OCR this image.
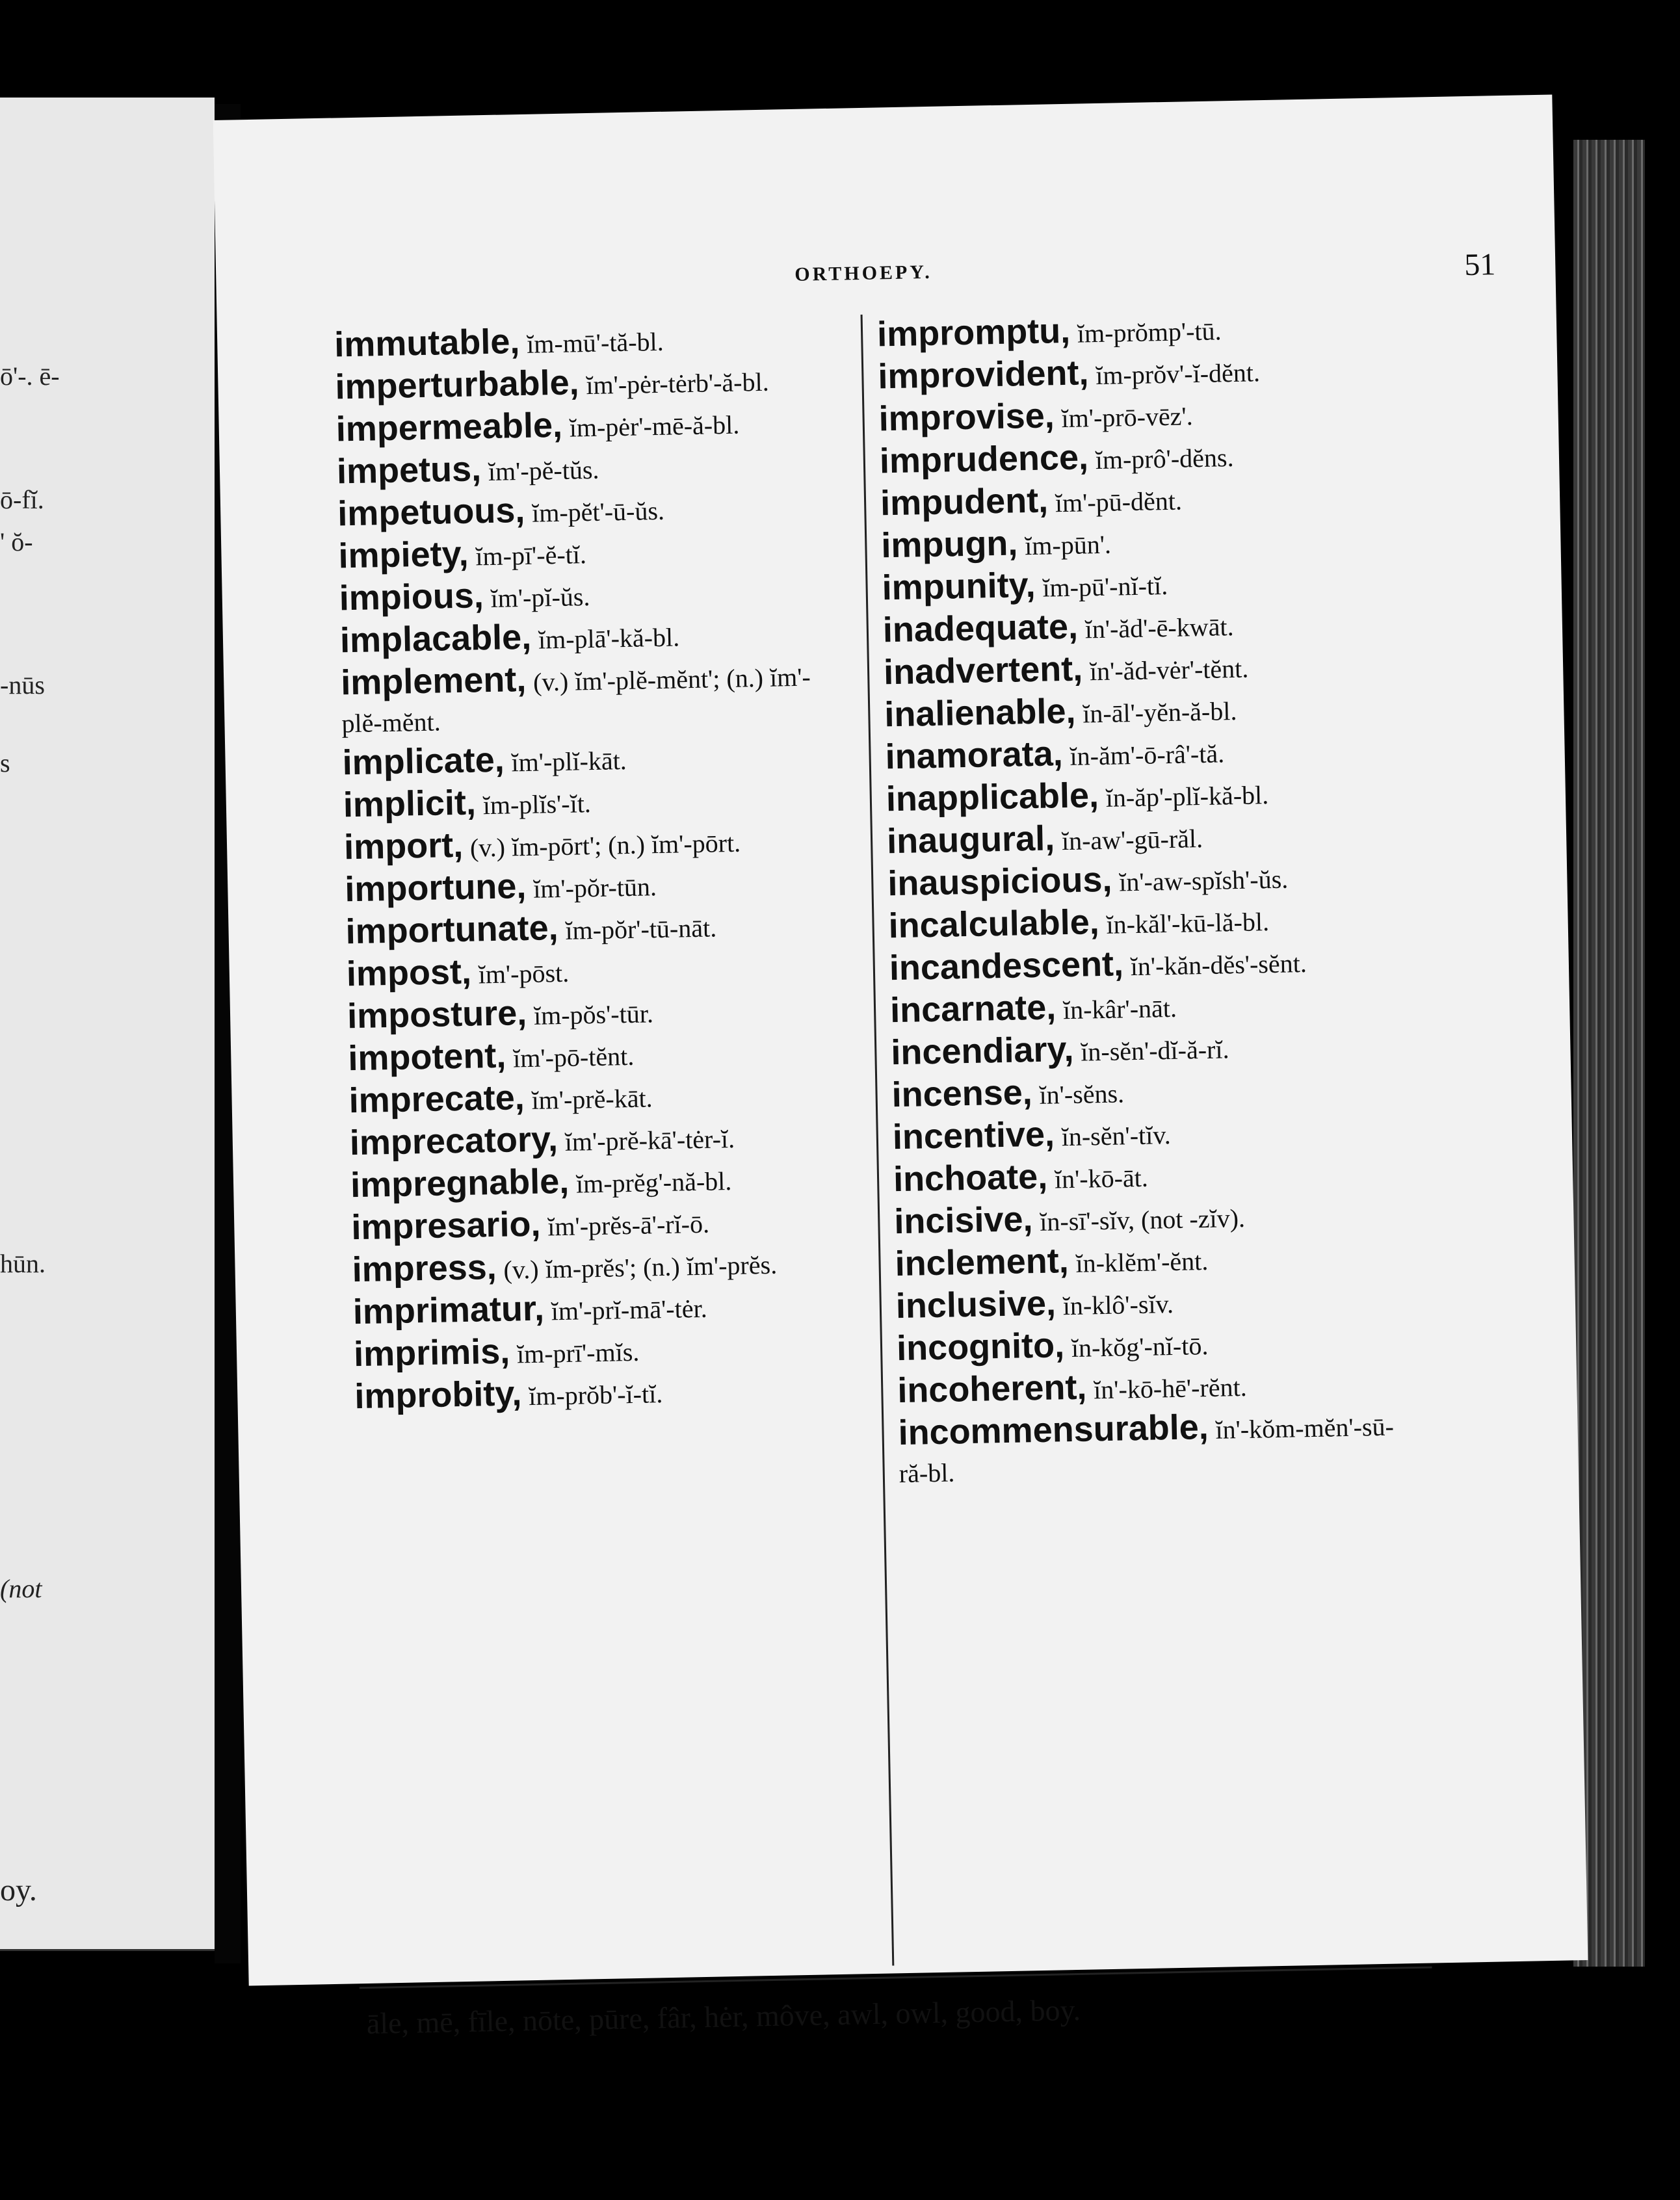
ō'-. ē-
ō-fĭ.
' ŏ-
-nūs
s
hūn.
(not
oy.
ORTHOEPY.	51
immutable, ĭm-mū'-tă-bl.
imperturbable, ĭm'-pėr-tėrb'-ă-bl.
impermeable, ĭm-pėr'-mē-ă-bl.
impetus, ĭm'-pĕ-tŭs.
impetuous, ĭm-pĕt'-ū-ŭs.
impiety, ĭm-pī'-ĕ-tĭ.
impious, ĭm'-pĭ-ŭs.
implacable, ĭm-plā'-kă-bl.
implement, (v.) ĭm'-plĕ-mĕnt'; (n.) ĭm'-plĕ-mĕnt.
implicate, ĭm'-plĭ-kāt.
implicit, ĭm-plĭs'-ĭt.
import, (v.) ĭm-pōrt'; (n.) ĭm'-pōrt.
importune, ĭm'-pŏr-tūn.
importunate, ĭm-pŏr'-tū-nāt.
impost, ĭm'-pōst.
imposture, ĭm-pŏs'-tūr.
impotent, ĭm'-pō-tĕnt.
imprecate, ĭm'-prĕ-kāt.
imprecatory, ĭm'-prĕ-kā'-tėr-ĭ.
impregnable, ĭm-prĕg'-nă-bl.
impresario, ĭm'-prĕs-ā'-rĭ-ō.
impress, (v.) ĭm-prĕs'; (n.) ĭm'-prĕs.
imprimatur, ĭm'-prĭ-mā'-tėr.
imprimis, ĭm-prī'-mĭs.
improbity, ĭm-prŏb'-ĭ-tĭ.
impromptu, ĭm-prŏmp'-tū.
improvident, ĭm-prŏv'-ĭ-dĕnt.
improvise, ĭm'-prō-vēz'.
imprudence, ĭm-prô'-dĕns.
impudent, ĭm'-pū-dĕnt.
impugn, ĭm-pūn'.
impunity, ĭm-pū'-nĭ-tĭ.
inadequate, ĭn'-ăd'-ē-kwāt.
inadvertent, ĭn'-ăd-vėr'-tĕnt.
inalienable, ĭn-āl'-yĕn-ă-bl.
inamorata, ĭn-ăm'-ō-râ'-tă.
inapplicable, ĭn-ăp'-plĭ-kă-bl.
inaugural, ĭn-aw'-gū-răl.
inauspicious, ĭn'-aw-spĭsh'-ŭs.
incalculable, ĭn-kăl'-kū-lă-bl.
incandescent, ĭn'-kăn-dĕs'-sĕnt.
incarnate, ĭn-kâr'-nāt.
incendiary, ĭn-sĕn'-dĭ-ă-rĭ.
incense, ĭn'-sĕns.
incentive, ĭn-sĕn'-tĭv.
inchoate, ĭn'-kō-āt.
incisive, ĭn-sī'-sĭv, (not -zĭv).
inclement, ĭn-klĕm'-ĕnt.
inclusive, ĭn-klô'-sĭv.
incognito, ĭn-kŏg'-nĭ-tō.
incoherent, ĭn'-kō-hē'-rĕnt.
incommensurable, ĭn'-kŏm-mĕn'-sū-ră-bl.
āle, mē, fīle, nōte, pūre, fâr, hėr, môve, awl, owl, good, boy.
